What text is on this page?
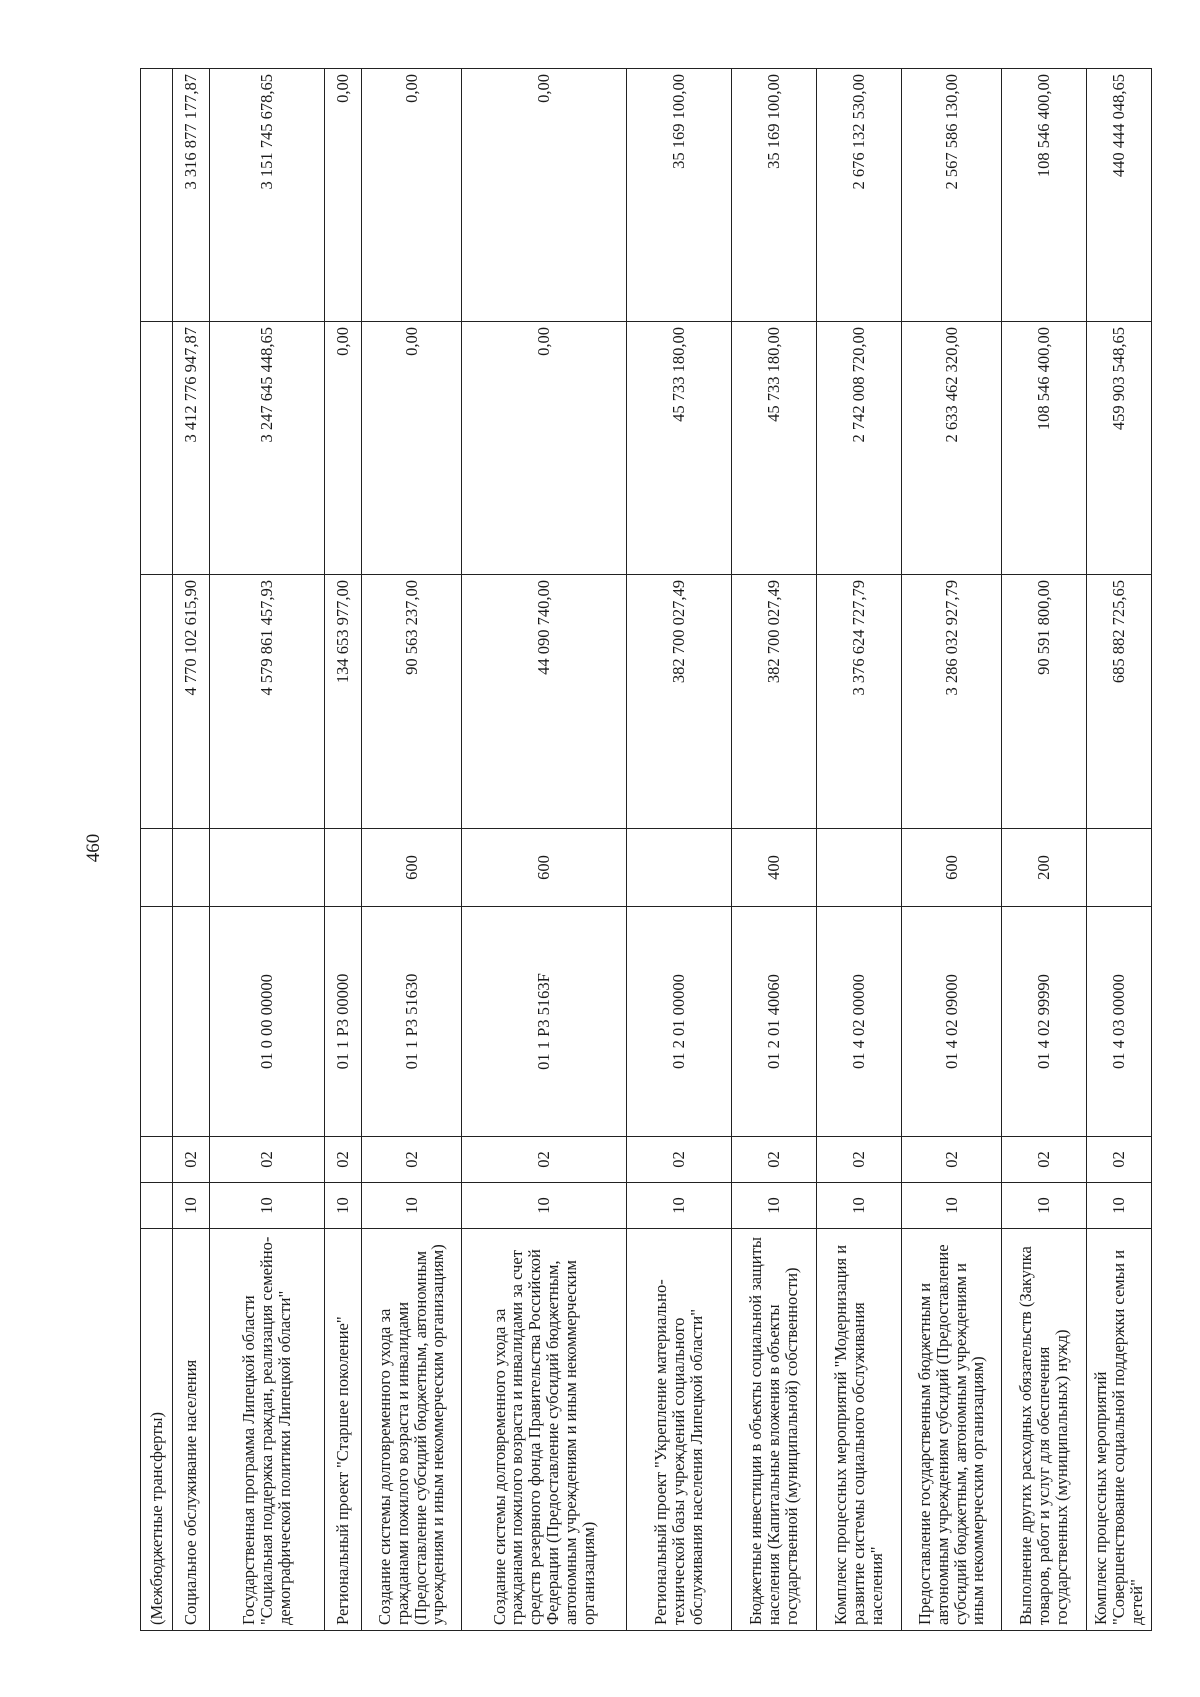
460
(Межбюджетные трансферты)							
Социальное обслуживание населения	10	02			4 770 102 615,90	3 412 776 947,87	3 316 877 177,87
Государственная программа Липецкой области "Социальная поддержка граждан, реализация семейно-демографической политики Липецкой области"	10	02	01 0 00 00000		4 579 861 457,93	3 247 645 448,65	3 151 745 678,65
Региональный проект "Старшее поколение"	10	02	01 1 P3 00000		134 653 977,00	0,00	0,00
Создание системы долговременного ухода за гражданами пожилого возраста и инвалидами (Предоставление субсидий бюджетным, автономным учреждениям и иным некоммерческим организациям)	10	02	01 1 P3 51630	600	90 563 237,00	0,00	0,00
Создание системы долговременного ухода за гражданами пожилого возраста и инвалидами за счет средств резервного фонда Правительства Российской Федерации (Предоставление субсидий бюджетным, автономным учреждениям и иным некоммерческим организациям)	10	02	01 1 P3 5163F	600	44 090 740,00	0,00	0,00
Региональный проект "Укрепление материально-технической базы учреждений социального обслуживания населения Липецкой области"	10	02	01 2 01 00000		382 700 027,49	45 733 180,00	35 169 100,00
Бюджетные инвестиции в объекты социальной защиты населения (Капитальные вложения в объекты государственной (муниципальной) собственности)	10	02	01 2 01 40060	400	382 700 027,49	45 733 180,00	35 169 100,00
Комплекс процессных мероприятий "Модернизация и развитие системы социального обслуживания населения"	10	02	01 4 02 00000		3 376 624 727,79	2 742 008 720,00	2 676 132 530,00
Предоставление государственным бюджетным и автономным учреждениям субсидий (Предоставление субсидий бюджетным, автономным учреждениям и иным некоммерческим организациям)	10	02	01 4 02 09000	600	3 286 032 927,79	2 633 462 320,00	2 567 586 130,00
Выполнение других расходных обязательств (Закупка товаров, работ и услуг для обеспечения государственных (муниципальных) нужд)	10	02	01 4 02 99990	200	90 591 800,00	108 546 400,00	108 546 400,00
Комплекс процессных мероприятий "Совершенствование социальной поддержки семьи и детей"	10	02	01 4 03 00000		685 882 725,65	459 903 548,65	440 444 048,65
